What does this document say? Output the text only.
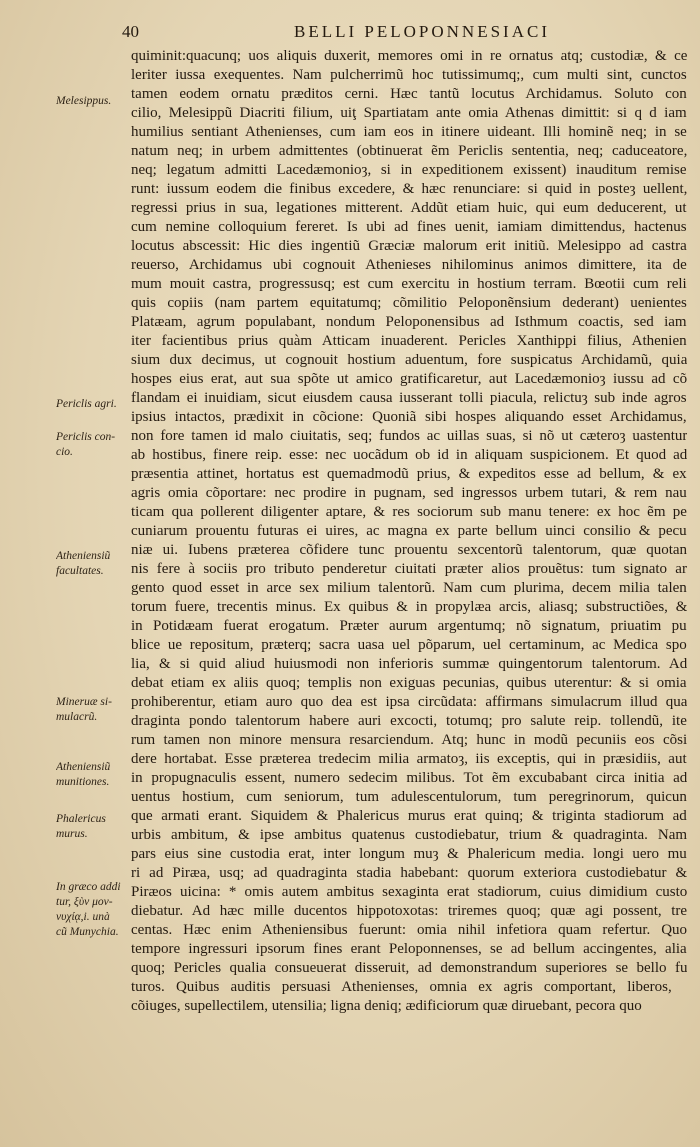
40	BELLI PELOPONNESIACI
quiminit:quacunq; uos aliquis duxerit, memores omi in re ornatus atq; custodiæ, & ce
leriter iussa exequentes. Nam pulcherrimũ hoc tutissimumq;, cum multi sint, cunctos
tamen eodem ornatu præditos cerni. Hæc tantũ locutus Archidamus. Soluto con
cilio, Melesippũ Diacriti filium, uiţ Spartiatam ante omia Athenas dimittit: si q d iam
humilius sentiant Athenienses, cum iam eos in itinere uideant. Illi hominẽ neq; in se
natum neq; in urbem admittentes (obtinuerat ẽm Periclis sententia, neq; caduceatore,
neq; legatum admitti Lacedæmonioȝ, si in expeditionem exissent) inauditum remise
runt: iussum eodem die finibus excedere, & hæc renunciare: si quid in posteȝ uellent,
regressi prius in sua, legationes mitterent. Addũt etiam huic, qui eum deducerent, ut
cum nemine colloquium fereret. Is ubi ad fines uenit, iamiam dimittendus, hactenus
locutus abscessit: Hic dies ingentiũ Græciæ malorum erit initiũ. Melesippo ad castra
reuerso, Archidamus ubi cognouit Athenieses nihilominus animos dimittere, ita de
mum mouit castra, progressusq; est cum exercitu in hostium terram. Bœotii cum reli
quis copiis (nam partem equitatumq; cõmilitio Peloponẽnsium dederant) uenientes
Platæam, agrum populabant, nondum Peloponensibus ad Isthmum coactis, sed iam
iter facientibus prius quàm Atticam inuaderent. Pericles Xanthippi filius, Athenien
sium dux decimus, ut cognouit hostium aduentum, fore suspicatus Archidamũ, quia
hospes eius erat, aut sua spõte ut amico gratificaretur, aut Lacedæmonioȝ iussu ad cõ
flandam ei inuidiam, sicut eiusdem causa iusserant tolli piacula, relictuȝ sub inde agros
ipsius intactos, prædixit in cõcione: Quoniã sibi hospes aliquando esset Archidamus,
non fore tamen id malo ciuitatis, seq; fundos ac uillas suas, si nõ ut cæteroȝ uastentur
ab hostibus, finere reip. esse: nec uocãdum ob id in aliquam suspicionem. Et quod ad
præsentia attinet, hortatus est quemadmodũ prius, & expeditos esse ad bellum, & ex
agris omia cõportare: nec prodire in pugnam, sed ingressos urbem tutari, & rem nau
ticam qua pollerent diligenter aptare, & res sociorum sub manu tenere: ex hoc ẽm pe
cuniarum prouentu futuras ei uires, ac magna ex parte bellum uinci consilio & pecu
niæ ui. Iubens præterea cõfidere tunc prouentu sexcentorũ talentorum, quæ quotan
nis fere à sociis pro tributo penderetur ciuitati præter alios prouẽtus: tum signato ar
gento quod esset in arce sex milium talentorũ. Nam cum plurima, decem milia talen
torum fuere, trecentis minus. Ex quibus & in propylæa arcis, aliasq; substructiões, &
in Potidæam fuerat erogatum. Præter aurum argentumq; nõ signatum, priuatim pu
blice ue repositum, præterq; sacra uasa uel põparum, uel certaminum, ac Medica spo
lia, & si quid aliud huiusmodi non inferioris summæ quingentorum talentorum. Ad
debat etiam ex aliis quoq; templis non exiguas pecunias, quibus uterentur: & si omia
prohiberentur, etiam auro quo dea est ipsa circũdata: affirmans simulacrum illud qua
draginta pondo talentorum habere auri excocti, totumq; pro salute reip. tollendũ, ite
rum tamen non minore mensura resarciendum. Atq; hunc in modũ pecuniis eos cõsi
dere hortabat. Esse præterea tredecim milia armatoȝ, iis exceptis, qui in præsidiis, aut
in propugnaculis essent, numero sedecim milibus. Tot ẽm excubabant circa initia ad
uentus hostium, cum seniorum, tum adulescentulorum, tum peregrinorum, quicun
que armati erant. Siquidem & Phalericus murus erat quinq; & triginta stadiorum ad
urbis ambitum, & ipse ambitus quatenus custodiebatur, trium & quadraginta. Nam
pars eius sine custodia erat, inter longum muȝ & Phalericum media. longi uero mu
ri ad Piræa, usq; ad quadraginta stadia habebant: quorum exteriora custodiebatur &
Piræos uicina: * omis autem ambitus sexaginta erat stadiorum, cuius dimidium custo
diebatur. Ad hæc mille ducentos hippotoxotas: triremes quoq; quæ agi possent, tre
centas. Hæc enim Atheniensibus fuerunt: omia nihil infetiora quam refertur. Quo
tempore ingressuri ipsorum fines erant Peloponnenses, se ad bellum accingentes, alia
quoq; Pericles qualia consueuerat disseruit, ad demonstrandum superiores se bello fu
turos. Quibus auditis persuasi Athenienses, omnia ex agris comportant, liberos,
cõiuges, supellectilem, utensilia; ligna deniq; ædificiorum quæ diruebant, pecora quo
Melesippus.
Periclis agri.
Periclis con-
cio.
Atheniensiũ
facultates.
Mineruæ si-
mulacrũ.
Atheniensiũ
munitiones.
Phalericus
murus.
In græco addi
tur, ξὺν μον-
νυχίᾳ,i. unà
cũ Munychia.
